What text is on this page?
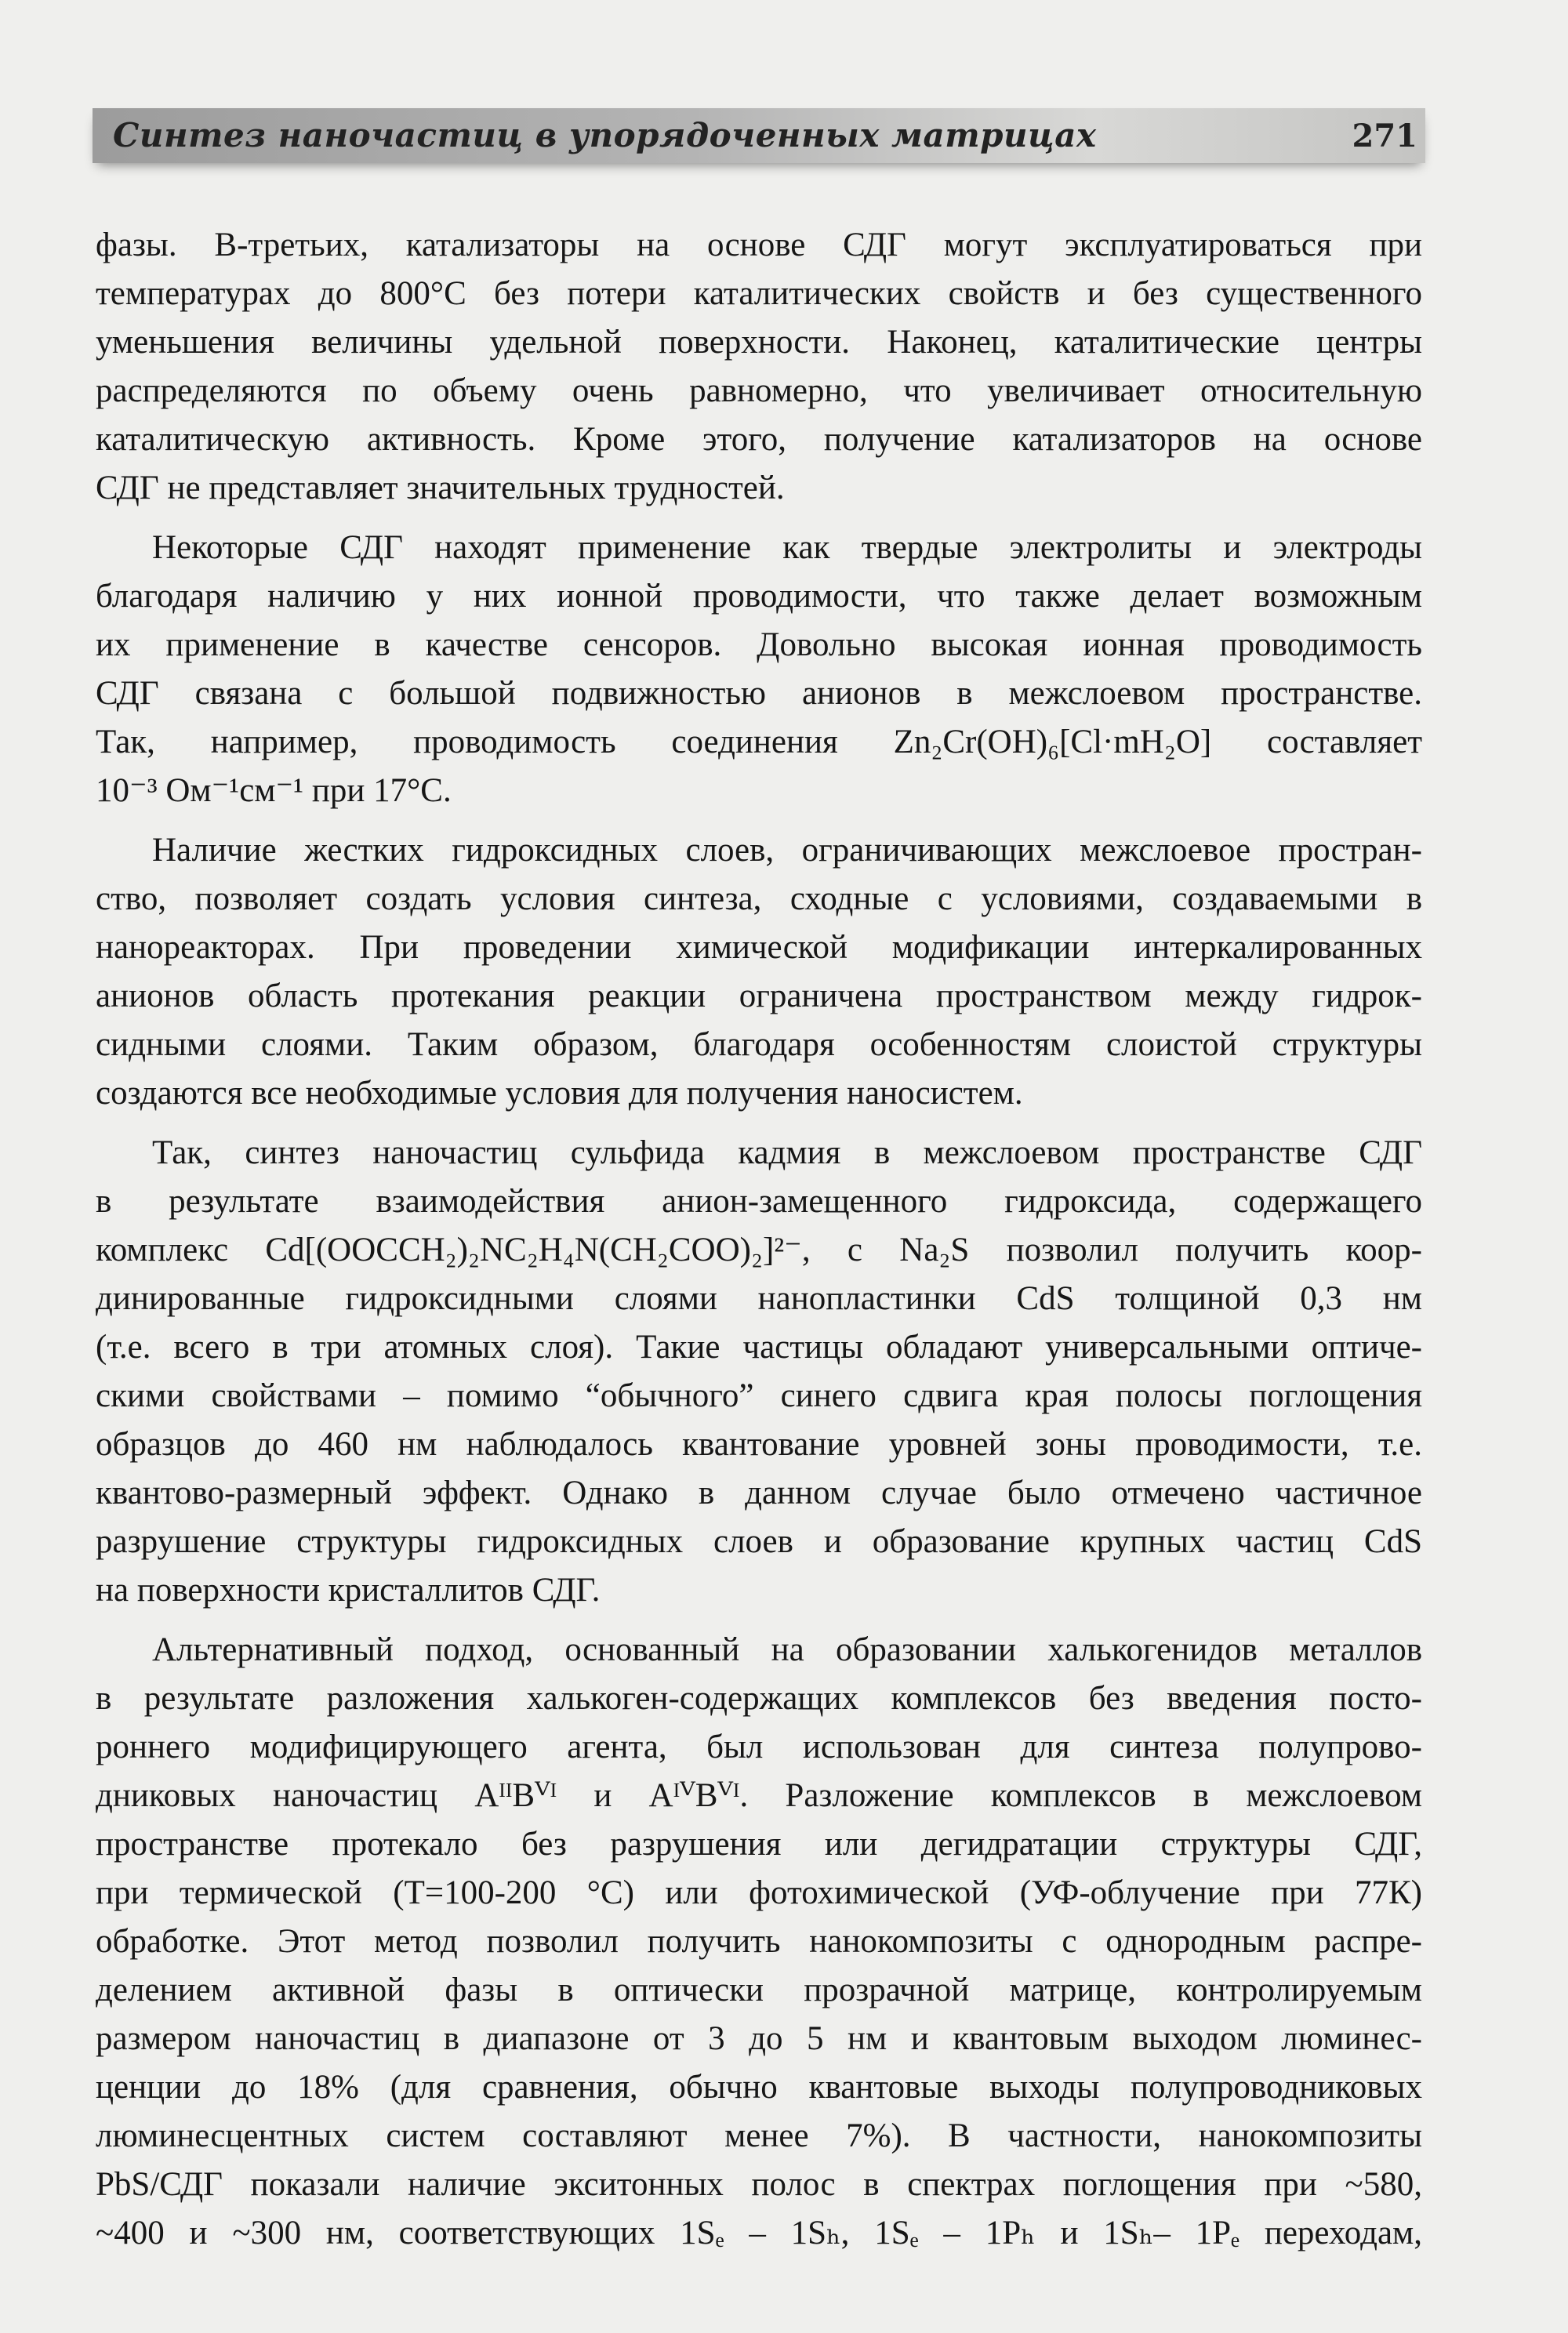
Синтез наночастиц в упорядоченных матрицах	271
фазы. В-третьих, катализаторы на основе СДГ могут эксплуатироваться при
температурах до 800°С без потери каталитических свойств и без существенного
уменьшения величины удельной поверхности. Наконец, каталитические центры
распределяются по объему очень равномерно, что увеличивает относительную
каталитическую активность. Кроме этого, получение катализаторов на основе
СДГ не представляет значительных трудностей.
Некоторые СДГ находят применение как твердые электролиты и электроды
благодаря наличию у них ионной проводимости, что также делает возможным
их применение в качестве сенсоров. Довольно высокая ионная проводимость
СДГ связана с большой подвижностью анионов в межслоевом пространстве.
Так, например, проводимость соединения Zn₂Cr(OH)₆[Cl·mH₂O] составляет
10⁻³ Ом⁻¹см⁻¹ при 17°С.
Наличие жестких гидроксидных слоев, ограничивающих межслоевое простран-
ство, позволяет создать условия синтеза, сходные с условиями, создаваемыми в
нанореакторах. При проведении химической модификации интеркалированных
анионов область протекания реакции ограничена пространством между гидрок-
сидными слоями. Таким образом, благодаря особенностям слоистой структуры
создаются все необходимые условия для получения наносистем.
Так, синтез наночастиц сульфида кадмия в межслоевом пространстве СДГ
в результате взаимодействия анион-замещенного гидроксида, содержащего
комплекс Cd[(OOCCH₂)₂NC₂H₄N(CH₂COO)₂]²⁻, с Na₂S позволил получить коор-
динированные гидроксидными слоями нанопластинки CdS толщиной 0,3 нм
(т.е. всего в три атомных слоя). Такие частицы обладают универсальными оптиче-
скими свойствами – помимо “обычного” синего сдвига края полосы поглощения
образцов до 460 нм наблюдалось квантование уровней зоны проводимости, т.е.
квантово-размерный эффект. Однако в данном случае было отмечено частичное
разрушение структуры гидроксидных слоев и образование крупных частиц CdS
на поверхности кристаллитов СДГ.
Альтернативный подход, основанный на образовании халькогенидов металлов
в результате разложения халькоген-содержащих комплексов без введения посто-
роннего модифицирующего агента, был использован для синтеза полупрово-
дниковых наночастиц AᴵᴵBⱽᴵ и AᴵⱽBⱽᴵ. Разложение комплексов в межслоевом
пространстве протекало без разрушения или дегидратации структуры СДГ,
при термической (Т=100-200 °С) или фотохимической (УФ-облучение при 77К)
обработке. Этот метод позволил получить нанокомпозиты с однородным распре-
делением активной фазы в оптически прозрачной матрице, контролируемым
размером наночастиц в диапазоне от 3 до 5 нм и квантовым выходом люминес-
ценции до 18% (для сравнения, обычно квантовые выходы полупроводниковых
люминесцентных систем составляют менее 7%). В частности, нанокомпозиты
PbS/СДГ показали наличие экситонных полос в спектрах поглощения при ~580,
~400 и ~300 нм, соответствующих 1Sₑ – 1Sₕ, 1Sₑ – 1Pₕ и 1Sₕ– 1Pₑ переходам,
